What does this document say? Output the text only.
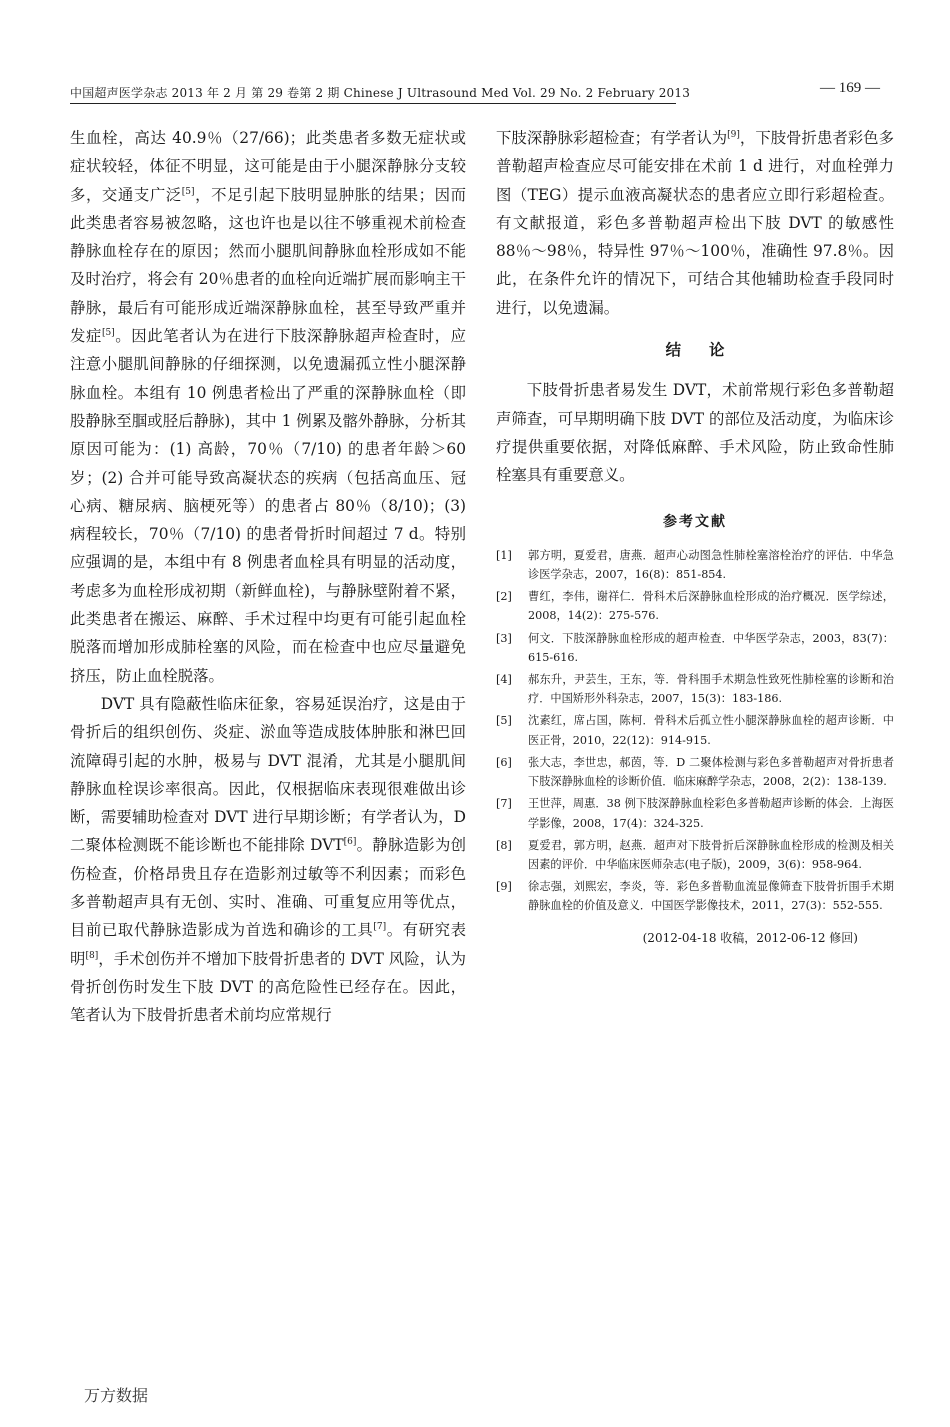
中国超声医学杂志 2013 年 2 月 第 29 卷第 2 期 Chinese J Ultrasound Med Vol. 29 No. 2 February 2013	— 169 —

生血栓，高达 40.9％（27/66)；此类患者多数无症状或症状较轻，体征不明显，这可能是由于小腿深静脉分支较多，交通支广泛[5]，不足引起下肢明显肿胀的结果；因而此类患者容易被忽略，这也许也是以往不够重视术前检查静脉血栓存在的原因；然而小腿肌间静脉血栓形成如不能及时治疗，将会有 20％患者的血栓向近端扩展而影响主干静脉，最后有可能形成近端深静脉血栓，甚至导致严重并发症[5]。因此笔者认为在进行下肢深静脉超声检查时，应注意小腿肌间静脉的仔细探测，以免遗漏孤立性小腿深静脉血栓。本组有 10 例患者检出了严重的深静脉血栓（即股静脉至腘或胫后静脉)，其中 1 例累及髂外静脉，分析其原因可能为：(1) 高龄，70％（7/10) 的患者年龄＞60 岁；(2) 合并可能导致高凝状态的疾病（包括高血压、冠心病、糖尿病、脑梗死等）的患者占 80％（8/10)；(3) 病程较长，70％（7/10) 的患者骨折时间超过 7 d。特别应强调的是，本组中有 8 例患者血栓具有明显的活动度，考虑多为血栓形成初期（新鲜血栓)，与静脉壁附着不紧，此类患者在搬运、麻醉、手术过程中均更有可能引起血栓脱落而增加形成肺栓塞的风险，而在检查中也应尽量避免挤压，防止血栓脱落。

DVT 具有隐蔽性临床征象，容易延误治疗，这是由于骨折后的组织创伤、炎症、淤血等造成肢体肿胀和淋巴回流障碍引起的水肿，极易与 DVT 混淆，尤其是小腿肌间静脉血栓误诊率很高。因此，仅根据临床表现很难做出诊断，需要辅助检查对 DVT 进行早期诊断；有学者认为，D 二聚体检测既不能诊断也不能排除 DVT[6]。静脉造影为创伤检查，价格昂贵且存在造影剂过敏等不利因素；而彩色多普勒超声具有无创、实时、准确、可重复应用等优点，目前已取代静脉造影成为首选和确诊的工具[7]。有研究表明[8]，手术创伤并不增加下肢骨折患者的 DVT 风险，认为骨折创伤时发生下肢 DVT 的高危险性已经存在。因此，笔者认为下肢骨折患者术前均应常规行

下肢深静脉彩超检查；有学者认为[9]，下肢骨折患者彩色多普勒超声检查应尽可能安排在术前 1 d 进行，对血栓弹力图（TEG）提示血液高凝状态的患者应立即行彩超检查。有文献报道，彩色多普勒超声检出下肢 DVT 的敏感性 88％～98％，特异性 97％～100％，准确性 97.8％。因此，在条件允许的情况下，可结合其他辅助检查手段同时进行，以免遗漏。

结论

下肢骨折患者易发生 DVT，术前常规行彩色多普勒超声筛查，可早期明确下肢 DVT 的部位及活动度，为临床诊疗提供重要依据，对降低麻醉、手术风险，防止致命性肺栓塞具有重要意义。

参考文献
[1]	郭方明，夏爱君，唐燕．超声心动图急性肺栓塞溶栓治疗的评估．中华急诊医学杂志，2007，16(8)：851-854.
[2]	曹红，李伟，谢祥仁．骨科术后深静脉血栓形成的治疗概况．医学综述，2008，14(2)：275-576.
[3]	何文．下肢深静脉血栓形成的超声检查．中华医学杂志，2003，83(7)：615-616.
[4]	郝东升，尹芸生，王东，等．骨科围手术期急性致死性肺栓塞的诊断和治疗．中国矫形外科杂志，2007，15(3)：183-186.
[5]	沈素红，席占国，陈柯．骨科术后孤立性小腿深静脉血栓的超声诊断．中医正骨，2010，22(12)：914-915.
[6]	张大志，李世忠，郝茵，等．D 二聚体检测与彩色多普勒超声对骨折患者下肢深静脉血栓的诊断价值．临床麻醉学杂志，2008，2(2)：138-139.
[7]	王世萍，周惠．38 例下肢深静脉血栓彩色多普勒超声诊断的体会．上海医学影像，2008，17(4)：324-325.
[8]	夏爱君，郭方明，赵燕．超声对下肢骨折后深静脉血栓形成的检测及相关因素的评价．中华临床医师杂志(电子版)，2009，3(6)：958-964.
[9]	徐志强，刘熙宏，李炎，等．彩色多普勒血流显像筛查下肢骨折围手术期静脉血栓的价值及意义．中国医学影像技术，2011，27(3)：552-555.
(2012-04-18 收稿，2012-06-12 修回)
万方数据
